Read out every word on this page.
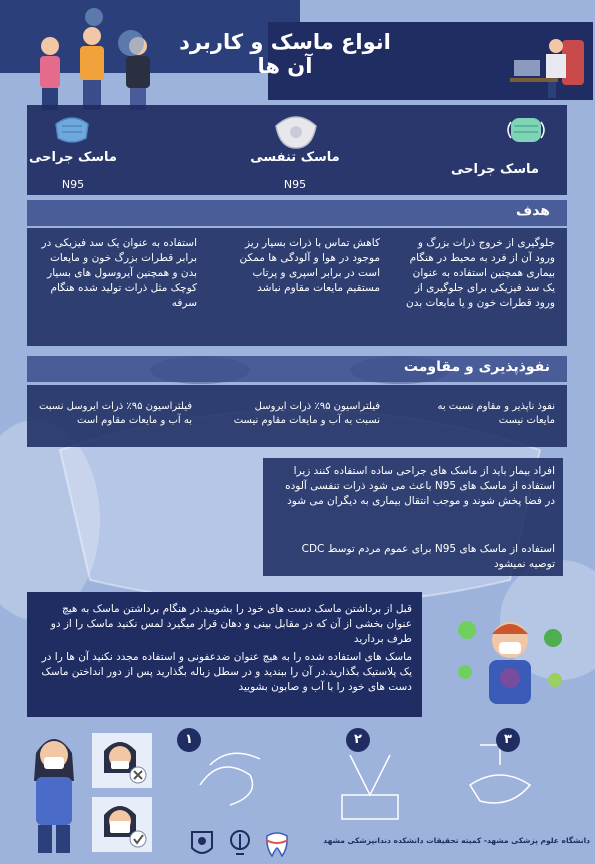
انواع ماسک و کاربرد آن ها
ماسک جراحی
ماسک تنفسی
N95
ماسک جراحی
N95
هدف
جلوگیری از خروج ذرات بزرگ و ورود آن از فرد به محیط در هنگام بیماری همچنین استفاده به عنوان یک سد فیزیکی برای جلوگیری از ورود قطرات خون و یا مایعات بدن
کاهش تماس با ذرات بسیار ریز موجود در هوا و آلودگی ها ممکن است در برابر اسپری و پرتاب مستقیم مایعات مقاوم نباشد
استفاده به عنوان یک سد فیزیکی در برابر قطرات بزرگ خون و مایعات بدن و همچنین آیروسول های بسیار کوچک مثل ذرات تولید شده هنگام سرفه
نفوذپذیری و مقاومت
نفوذ ناپذیر و مقاوم نسبت به مایعات نیست
فیلتراسیون ۹۵٪ ذرات ایروسل نسبت به آب و مایعات مقاوم نیست
فیلتراسیون ۹۵٪ ذرات ایروسل نسبت به آب و مایعات مقاوم است
افراد بیمار باید از ماسک های جراحی ساده استفاده کنند زیرا استفاده از ماسک های N95 باعث می شود ذرات تنفسی آلوده در فضا پخش شوند و موجب انتقال بیماری به دیگران می شود
استفاده از ماسک های N95 برای عموم مردم توسط CDC توصیه نمیشود
قبل از برداشتن ماسک دست های خود را بشویید.در هنگام برداشتن ماسک به هیچ عنوان بخشی از آن که در مقابل بینی و دهان قرار میگیرد لمس نکنید ماسک را از دو طرف بردارید
ماسک های استفاده شده را به هیچ عنوان ضدعفونی و استفاده مجدد نکنید آن ها را در یک پلاستیک بگذارید.در آن را ببندید و در سطل زباله بگذارید پس از دور انداختن ماسک دست های خود را با آب و صابون بشویید
۱	۲	۳
دانشگاه علوم پزشکی مشهد- کمیته تحقیقات دانشکده دندانپزشکی مشهد
